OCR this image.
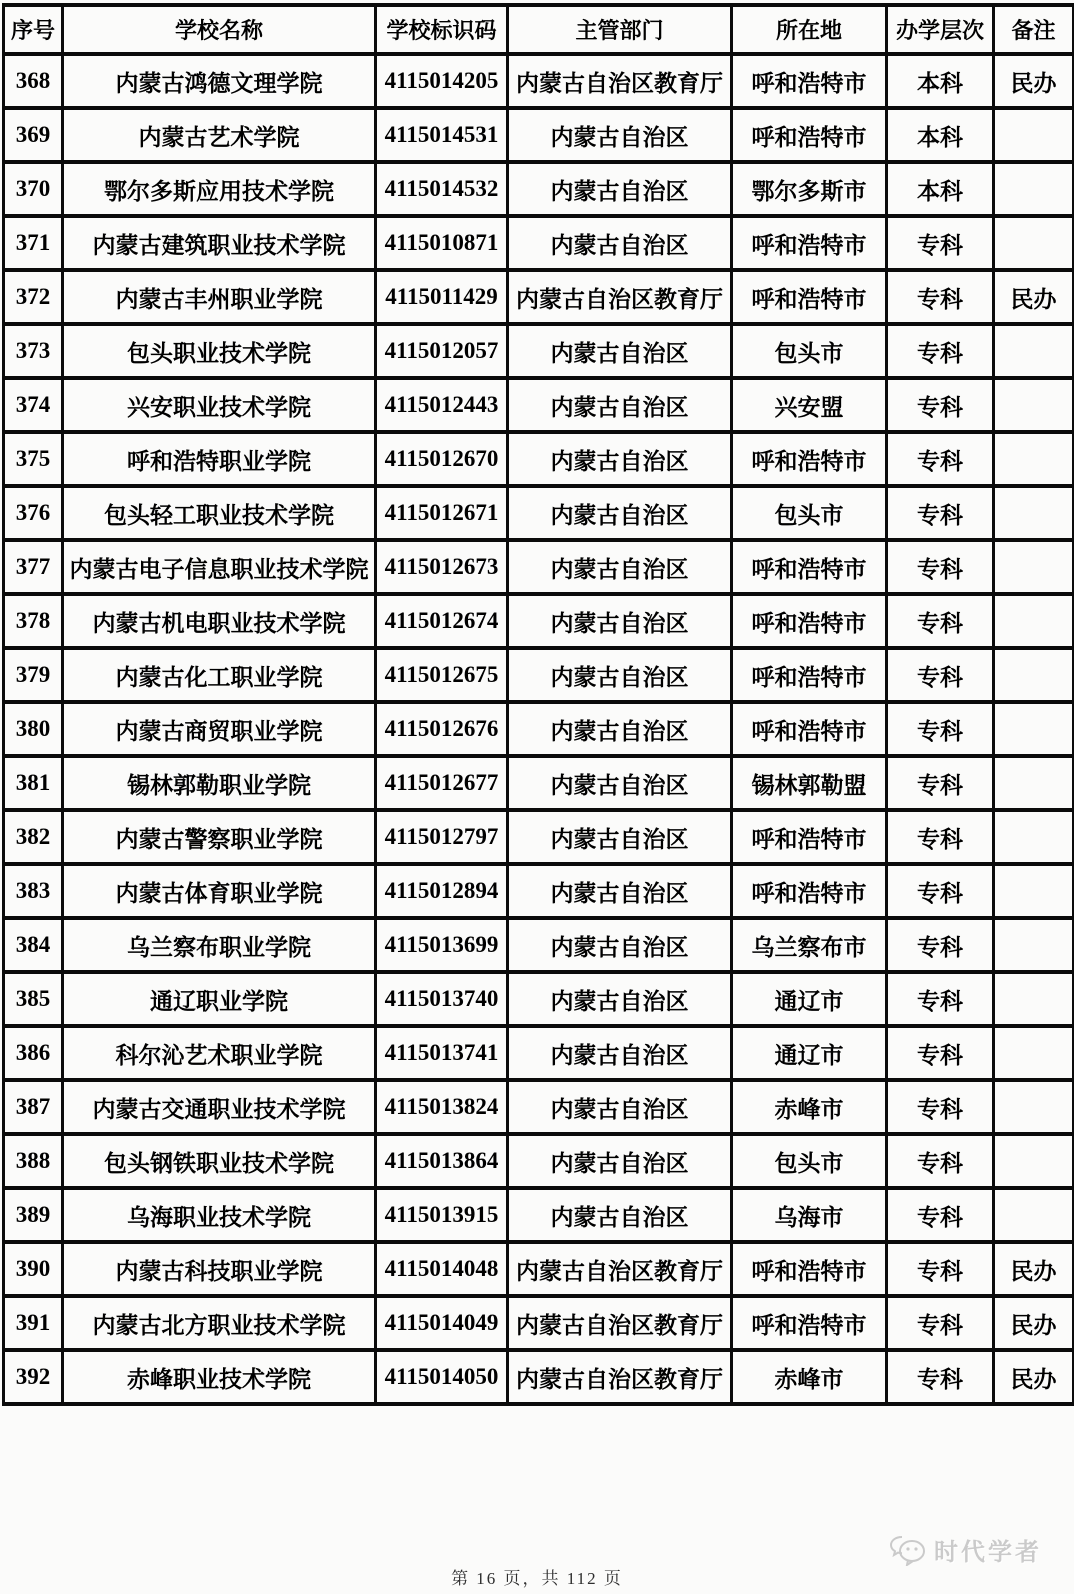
序号	学校名称	学校标识码	主管部门	所在地	办学层次	备注
368	内蒙古鸿德文理学院	4115014205	内蒙古自治区教育厅	呼和浩特市	本科	民办
369	内蒙古艺术学院	4115014531	内蒙古自治区	呼和浩特市	本科	
370	鄂尔多斯应用技术学院	4115014532	内蒙古自治区	鄂尔多斯市	本科	
371	内蒙古建筑职业技术学院	4115010871	内蒙古自治区	呼和浩特市	专科	
372	内蒙古丰州职业学院	4115011429	内蒙古自治区教育厅	呼和浩特市	专科	民办
373	包头职业技术学院	4115012057	内蒙古自治区	包头市	专科	
374	兴安职业技术学院	4115012443	内蒙古自治区	兴安盟	专科	
375	呼和浩特职业学院	4115012670	内蒙古自治区	呼和浩特市	专科	
376	包头轻工职业技术学院	4115012671	内蒙古自治区	包头市	专科	
377	内蒙古电子信息职业技术学院	4115012673	内蒙古自治区	呼和浩特市	专科	
378	内蒙古机电职业技术学院	4115012674	内蒙古自治区	呼和浩特市	专科	
379	内蒙古化工职业学院	4115012675	内蒙古自治区	呼和浩特市	专科	
380	内蒙古商贸职业学院	4115012676	内蒙古自治区	呼和浩特市	专科	
381	锡林郭勒职业学院	4115012677	内蒙古自治区	锡林郭勒盟	专科	
382	内蒙古警察职业学院	4115012797	内蒙古自治区	呼和浩特市	专科	
383	内蒙古体育职业学院	4115012894	内蒙古自治区	呼和浩特市	专科	
384	乌兰察布职业学院	4115013699	内蒙古自治区	乌兰察布市	专科	
385	通辽职业学院	4115013740	内蒙古自治区	通辽市	专科	
386	科尔沁艺术职业学院	4115013741	内蒙古自治区	通辽市	专科	
387	内蒙古交通职业技术学院	4115013824	内蒙古自治区	赤峰市	专科	
388	包头钢铁职业技术学院	4115013864	内蒙古自治区	包头市	专科	
389	乌海职业技术学院	4115013915	内蒙古自治区	乌海市	专科	
390	内蒙古科技职业学院	4115014048	内蒙古自治区教育厅	呼和浩特市	专科	民办
391	内蒙古北方职业技术学院	4115014049	内蒙古自治区教育厅	呼和浩特市	专科	民办
392	赤峰职业技术学院	4115014050	内蒙古自治区教育厅	赤峰市	专科	民办
时代学者
第 16 页，共 112 页
